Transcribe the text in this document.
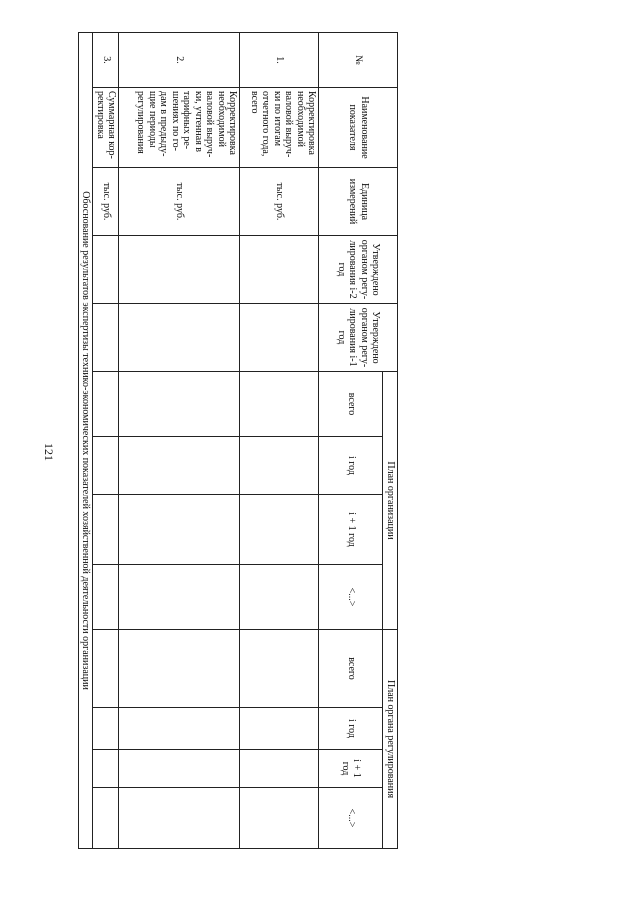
121
№	Наименование показателя	Единица измерений	Утверждено органом регу-лирования i-2 год	Утверждено органом регу-лирования i-1 год	План организации				План органа регулирования			
					всего	i год	i + 1 год	<...>	всего	i год	i + 1 год	<...>
1.	Корректировка необходимой валовой выруч-ки по итогам отчетного года, всего	тыс. руб.										
2.	Корректировка необходимой валовой выруч-ки, учтенная в тарифных ре-шениях по го-дам в предыду-щие периоды регулирования	тыс. руб.										
3.	Суммарная кор-ректировка	тыс. руб.										
Обоснование результатов экспертизы технико-экономических показателей хозяйственной деятельности организации												
